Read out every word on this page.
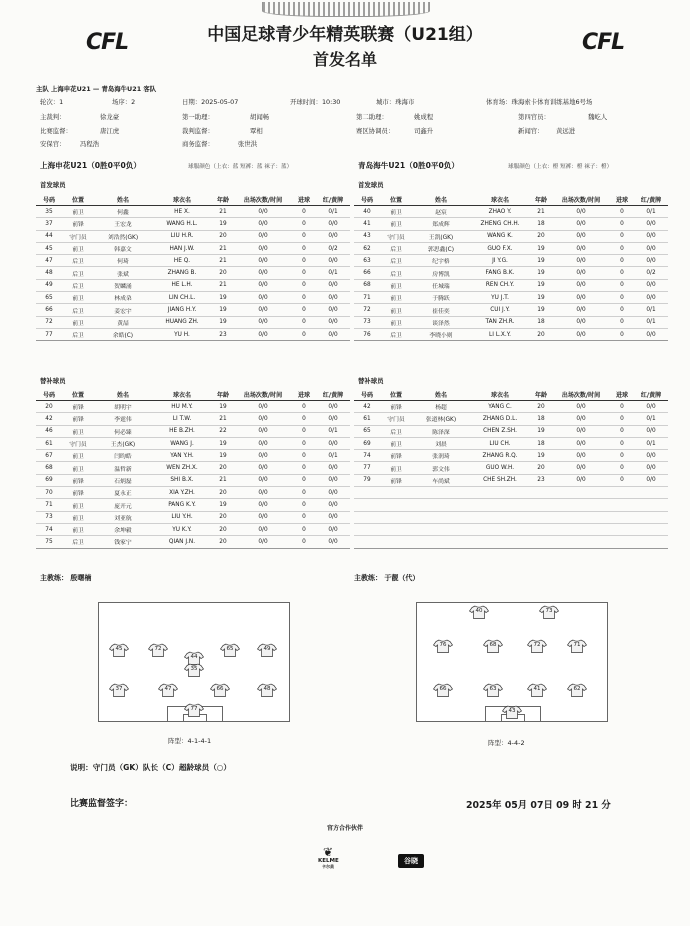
CFL	CFL
中国足球青少年精英联赛（U21组）
首发名单
主队 上海申花U21 — 青岛海牛U21 客队
轮次：1	场序：2	日期：2025-05-07	开球时间：10:30	城市：珠海市	体育场：珠海索卡体育训练基地6号场
主裁判：	徐龙豪	第一助理：	胡闻畅	第二助理：	姚成程	第四官员：	魏屹人
比赛监督：	唐江虎	裁判监督：	覃相	赛区协调员：	司鑫升	新闻官： 黄远进
安保官： 冯程浩	商务监督：	张世洪
上海申花U21（0胜0平0负）	球服颜色（上衣：蓝 短裤：蓝 袜子：蓝）	青岛海牛U21（0胜0平0负）	球服颜色（上衣：橙 短裤：橙 袜子：橙）
首发球员	首发球员
号码	位置	姓名	球衣名	年龄	出场次数/时间	进球	红/黄牌
35	前卫	何鑫	HE X.	21	0/0	0	0/1
37	前锋	王宏龙	WANG H.L.	19	0/0	0	0/0
44	守门员	刘浩然(GK)	LIU H.R.	20	0/0	0	0/0
45	前卫	韩嘉文	HAN J.W.	21	0/0	0	0/2
47	后卫	何琦	HE Q.	21	0/0	0	0/0
48	后卫	张斌	ZHANG B.	20	0/0	0	0/1
49	后卫	贺麟涌	HE L.H.	21	0/0	0	0/0
65	前卫	林成朶	LIN CH.L.	19	0/0	0	0/0
66	后卫	姜宏宇	JIANG H.Y.	19	0/0	0	0/0
72	前卫	黄喆	HUANG ZH.	19	0/0	0	0/0
77	后卫	余皓(C)	YU H.	23	0/0	0	0/0
号码	位置	姓名	球衣名	年龄	出场次数/时间	进球	红/黄牌
40	前卫	赵宸	ZHAO Y.	21	0/0	0	0/1
41	前卫	郑成辉	ZHENG CH.H.	18	0/0	0	0/0
43	守门员	王凯(GK)	WANG K.	20	0/0	0	0/0
62	后卫	郭思鑫(C)	GUO F.X.	19	0/0	0	0/0
63	后卫	纪宇格	JI Y.G.	19	0/0	0	0/0
66	后卫	房博凯	FANG B.K.	19	0/0	0	0/2
68	前卫	任城瑞	REN CH.Y.	19	0/0	0	0/0
71	前卫	于腾跃	YU J.T.	19	0/0	0	0/0
72	前卫	崔佳奕	CUI J.Y.	19	0/0	0	0/1
73	前卫	谈泽然	TAN ZH.R.	18	0/0	0	0/1
76	后卫	李晓小则	LI L.X.Y.	20	0/0	0	0/0
替补球员	替补球员
号码	位置	姓名	球衣名	年龄	出场次数/时间	进球	红/黄牌
20	前锋	胡明宇	HU M.Y.	19	0/0	0	0/0
42	前锋	李霆伟	LI T.W.	21	0/0	0	0/0
46	前卫	何必臻	HE B.ZH.	22	0/0	0	0/1
61	守门员	王杰(GK)	WANG J.	19	0/0	0	0/0
67	前卫	闫昀皓	YAN Y.H.	19	0/0	0	0/1
68	前卫	温哲新	WEN ZH.X.	20	0/0	0	0/0
69	前锋	石炳磊	SHI B.X.	21	0/0	0	0/0
70	前锋	夏永正	XIA Y.ZH.	20	0/0	0	0/0
71	前卫	庞开元	PANG K.Y.	19	0/0	0	0/0
73	前卫	刘亚航	LIU Y.H.	20	0/0	0	0/0
74	前卫	余坤毅	YU K.Y.	20	0/0	0	0/0
75	后卫	钱家宁	QIAN J.N.	20	0/0	0	0/0
号码	位置	姓名	球衣名	年龄	出场次数/时间	进球	红/黄牌
42	前锋	杨超	YANG C.	20	0/0	0	0/0
61	守门员	张道林(GK)	ZHANG D.L.	18	0/0	0	0/1
65	后卫	陈泽深	CHEN Z.SH.	19	0/0	0	0/0
69	前卫	刘晨	LIU CH.	18	0/0	0	0/1
74	前锋	张润琦	ZHANG R.Q.	19	0/0	0	0/0
77	前卫	郭文伟	GUO W.H.	20	0/0	0	0/0
79	前锋	车尚斌	CHE SH.ZH.	23	0/0	0	0/0

主教练： 殷曙楠	主教练： 于靓（代）
44
45	72	65	49
35
37	47	66	48
77
阵型：4-1-4-1
40	73
76	68	72	71
66	63	41	62
43
阵型：4-4-2
说明：守门员（GK）队长（C）超龄球员（○）
比赛监督签字：	2025年 05月 07日 09 时 21 分
官方合作伙伴
❦
KELME
卡尔美
谷晓
